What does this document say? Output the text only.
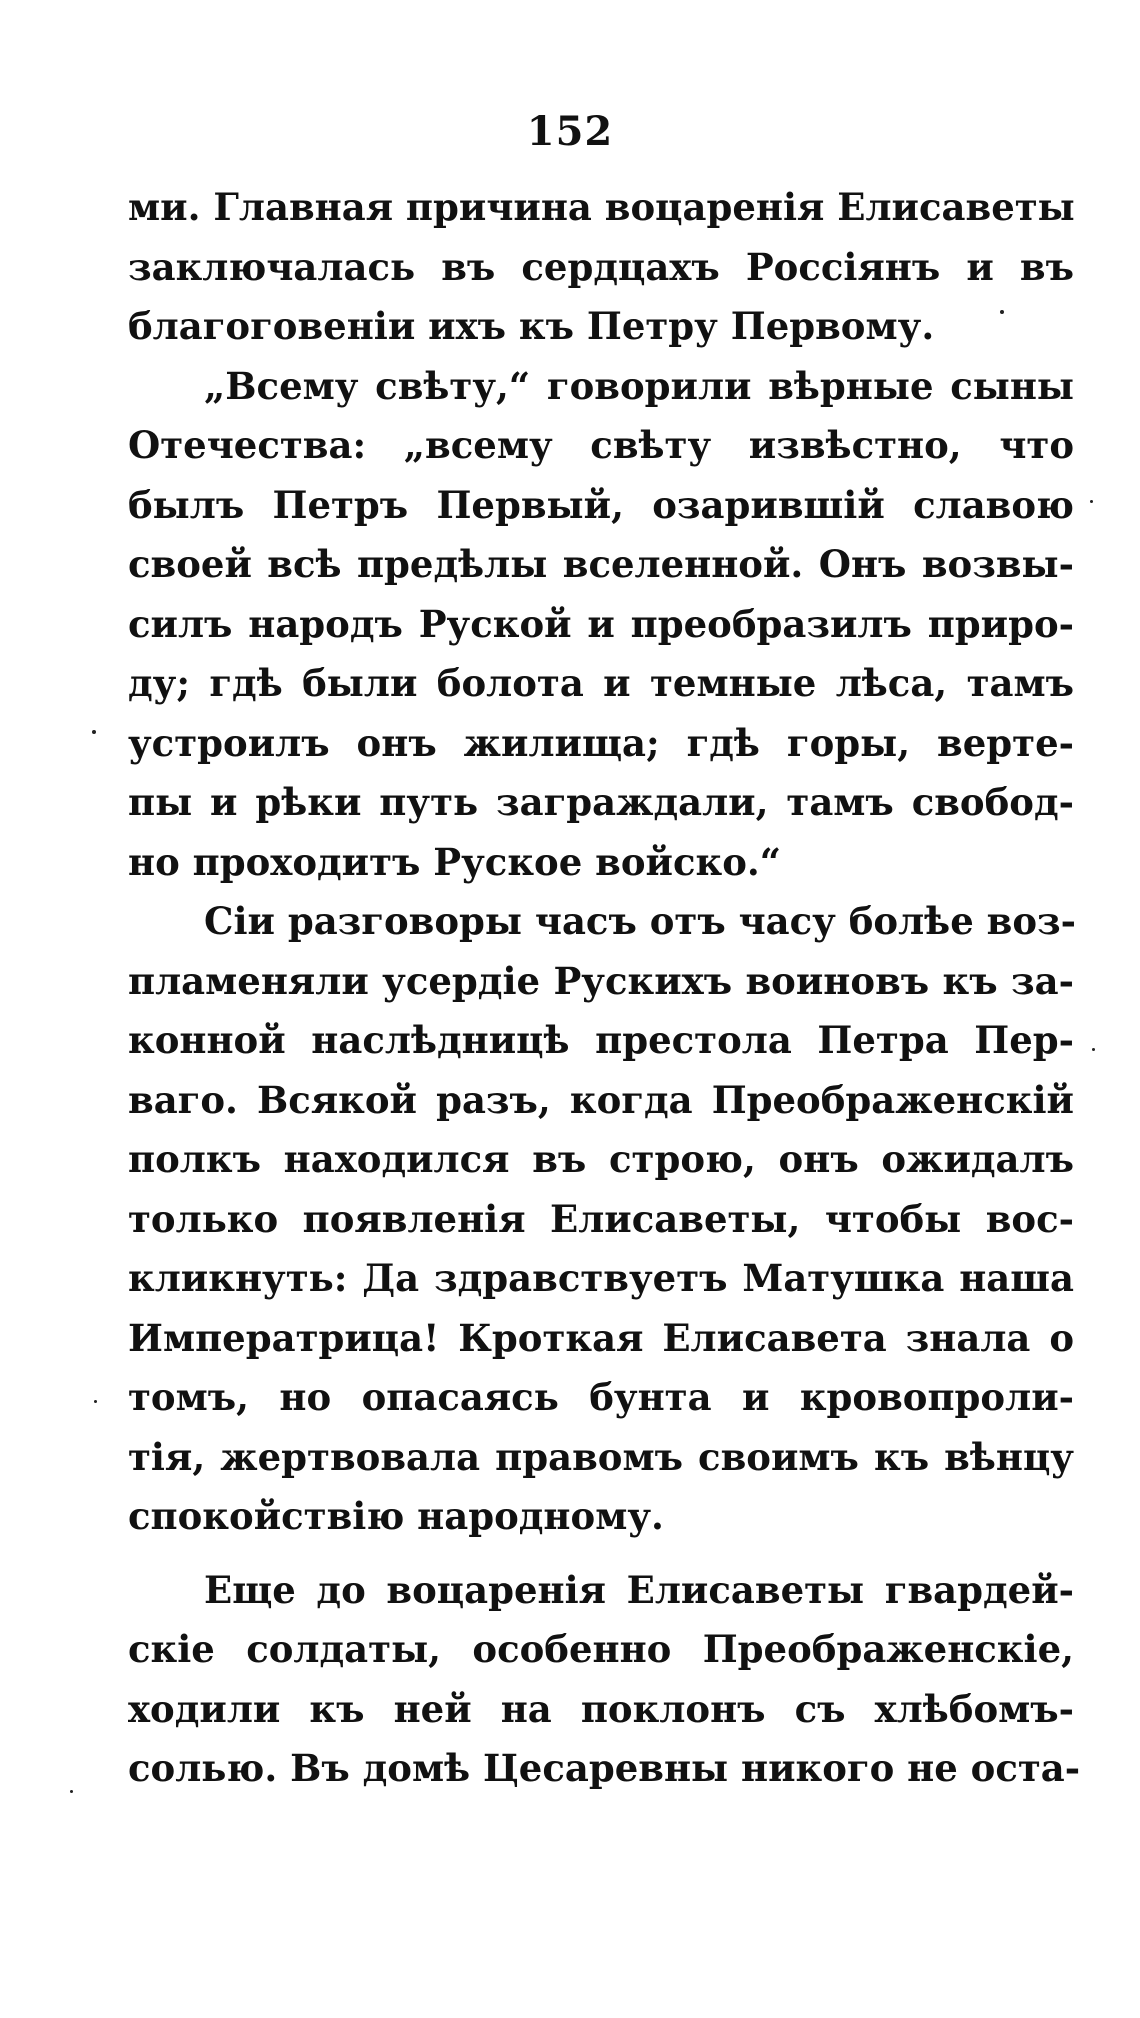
152
ми. Главная причина воцаренія Елисаветы
заключалась въ сердцахъ Россіянъ и въ
благоговеніи ихъ къ Петру Первому.
„Всему свѣту,“ говорили вѣрные сыны
Отечества: „всему свѣту извѣстно, что
былъ Петръ Первый, озарившій славою
своей всѣ предѣлы вселенной. Онъ возвы-
силъ народъ Руской и преобразилъ приро-
ду; гдѣ были болота и темные лѣса, тамъ
устроилъ онъ жилища; гдѣ горы, верте-
пы и рѣки путь заграждали, тамъ свобод-
но проходитъ Руское войско.“
Сіи разговоры часъ отъ часу болѣе воз-
пламеняли усердіе Рускихъ воиновъ къ за-
конной наслѣдницѣ престола Петра Пер-
ваго. Всякой разъ, когда Преображенскій
полкъ находился въ строю, онъ ожидалъ
только появленія Елисаветы, чтобы вос-
кликнуть: Да здравствуетъ Матушка наша
Императрица! Кроткая Елисавета знала о
томъ, но опасаясь бунта и кровопроли-
тія, жертвовала правомъ своимъ къ вѣнцу
спокойствію народному.
Еще до воцаренія Елисаветы гвардей-
скіе солдаты, особенно Преображенскіе,
ходили къ ней на поклонъ съ хлѣбомъ-
солью. Въ домѣ Цесаревны никого не оста-
